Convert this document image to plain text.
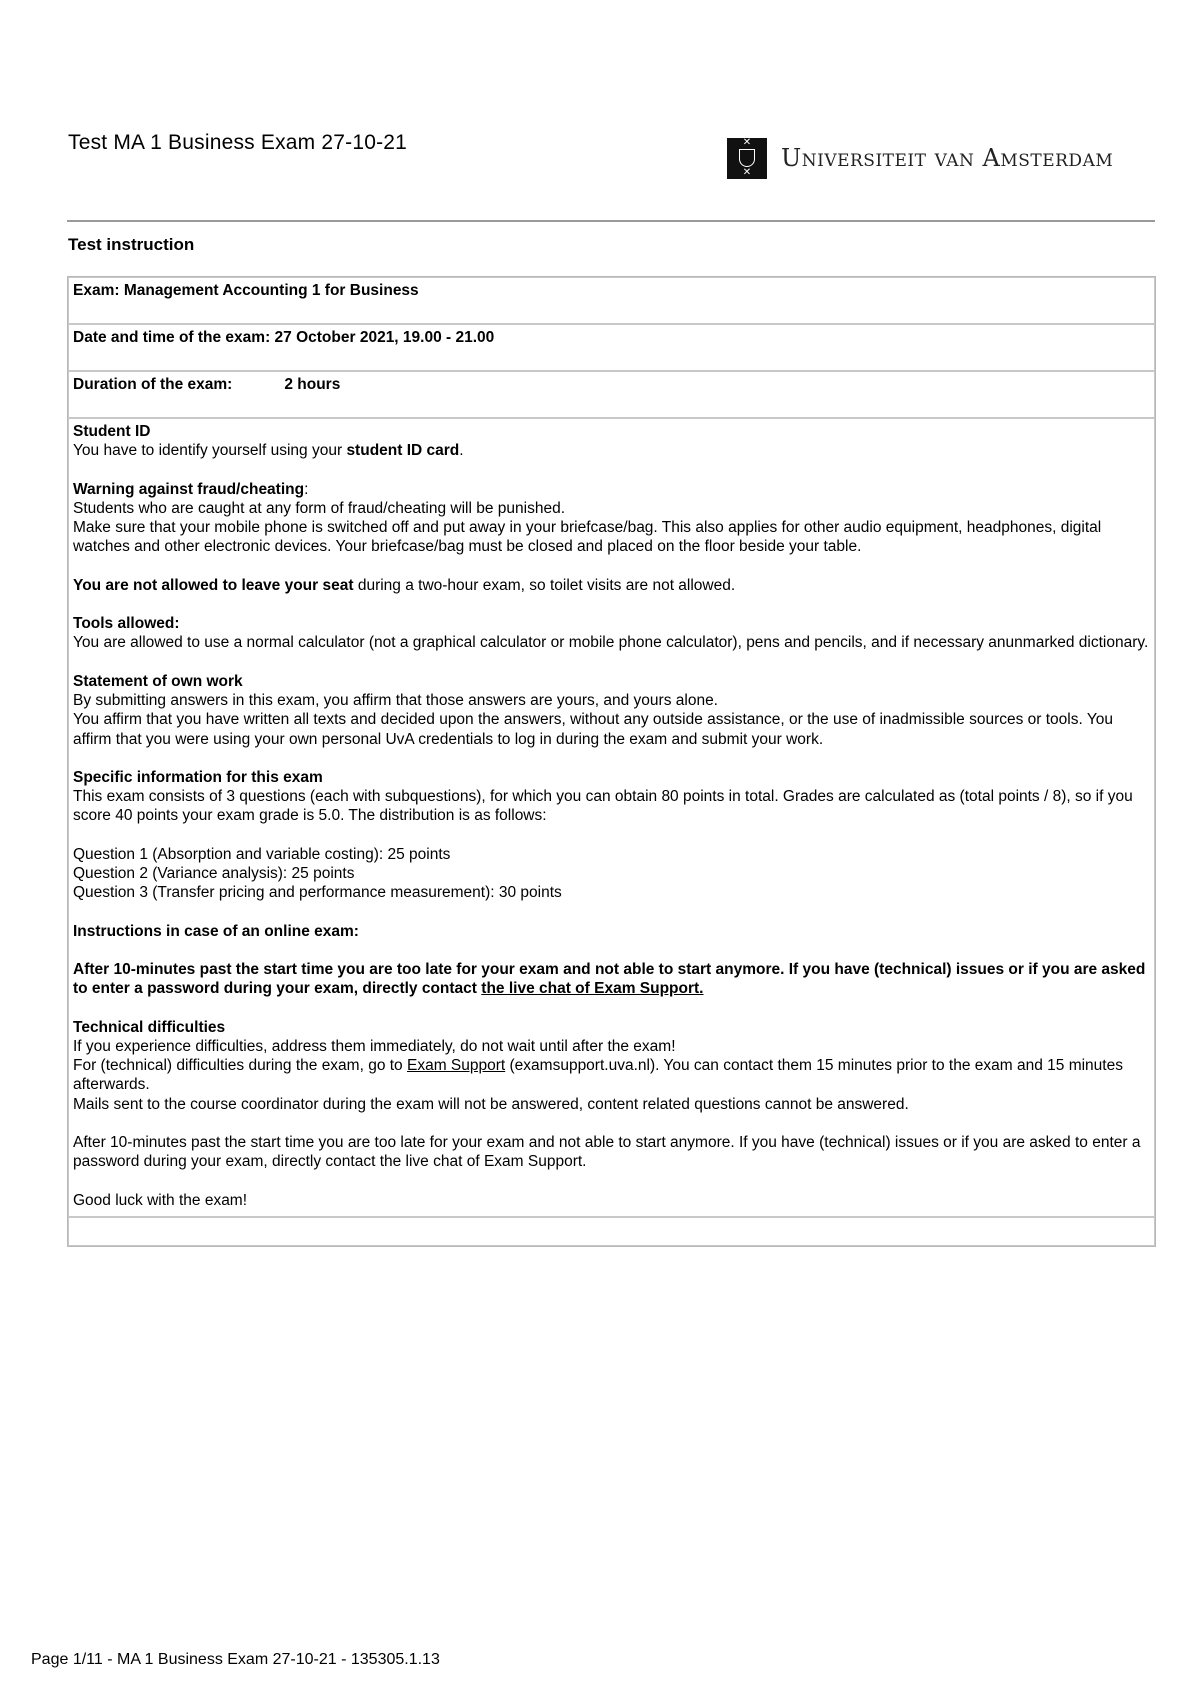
Test MA 1 Business Exam 27-10-21	✕
✕
Universiteit van Amsterdam
Test instruction
Exam: Management Accounting 1 for Business
Date and time of the exam: 27 October 2021, 19.00 - 21.00
Duration of the exam:	2 hours

Student ID
You have to identify yourself using your student ID card.
Warning against fraud/cheating:
Students who are caught at any form of fraud/cheating will be punished.
Make sure that your mobile phone is switched off and put away in your briefcase/bag. This also applies for other audio equipment, headphones, digital watches and other electronic devices. Your briefcase/bag must be closed and placed on the floor beside your table.
You are not allowed to leave your seat during a two-hour exam, so toilet visits are not allowed.
Tools allowed:
You are allowed to use a normal calculator (not a graphical calculator or mobile phone calculator), pens and pencils, and if necessary anunmarked dictionary.
Statement of own work
By submitting answers in this exam, you affirm that those answers are yours, and yours alone.
You affirm that you have written all texts and decided upon the answers, without any outside assistance, or the use of inadmissible sources or tools. You affirm that you were using your own personal UvA credentials to log in during the exam and submit your work.
Specific information for this exam
This exam consists of 3 questions (each with subquestions), for which you can obtain 80 points in total. Grades are calculated as (total points / 8), so if you score 40 points your exam grade is 5.0. The distribution is as follows:
Question 1 (Absorption and variable costing): 25 points
Question 2 (Variance analysis): 25 points
Question 3 (Transfer pricing and performance measurement): 30 points
Instructions in case of an online exam:
After 10-minutes past the start time you are too late for your exam and not able to start anymore. If you have (technical) issues or if you are asked to enter a password during your exam, directly contact the live chat of Exam Support.
Technical difficulties
If you experience difficulties, address them immediately, do not wait until after the exam!
For (technical) difficulties during the exam, go to Exam Support (examsupport.uva.nl). You can contact them 15 minutes prior to the exam and 15 minutes afterwards.
Mails sent to the course coordinator during the exam will not be answered, content related questions cannot be answered.
After 10-minutes past the start time you are too late for your exam and not able to start anymore. If you have (technical) issues or if you are asked to enter a password during your exam, directly contact the live chat of Exam Support.
Good luck with the exam!

Page 1/11 - MA 1 Business Exam 27-10-21 - 135305.1.13
